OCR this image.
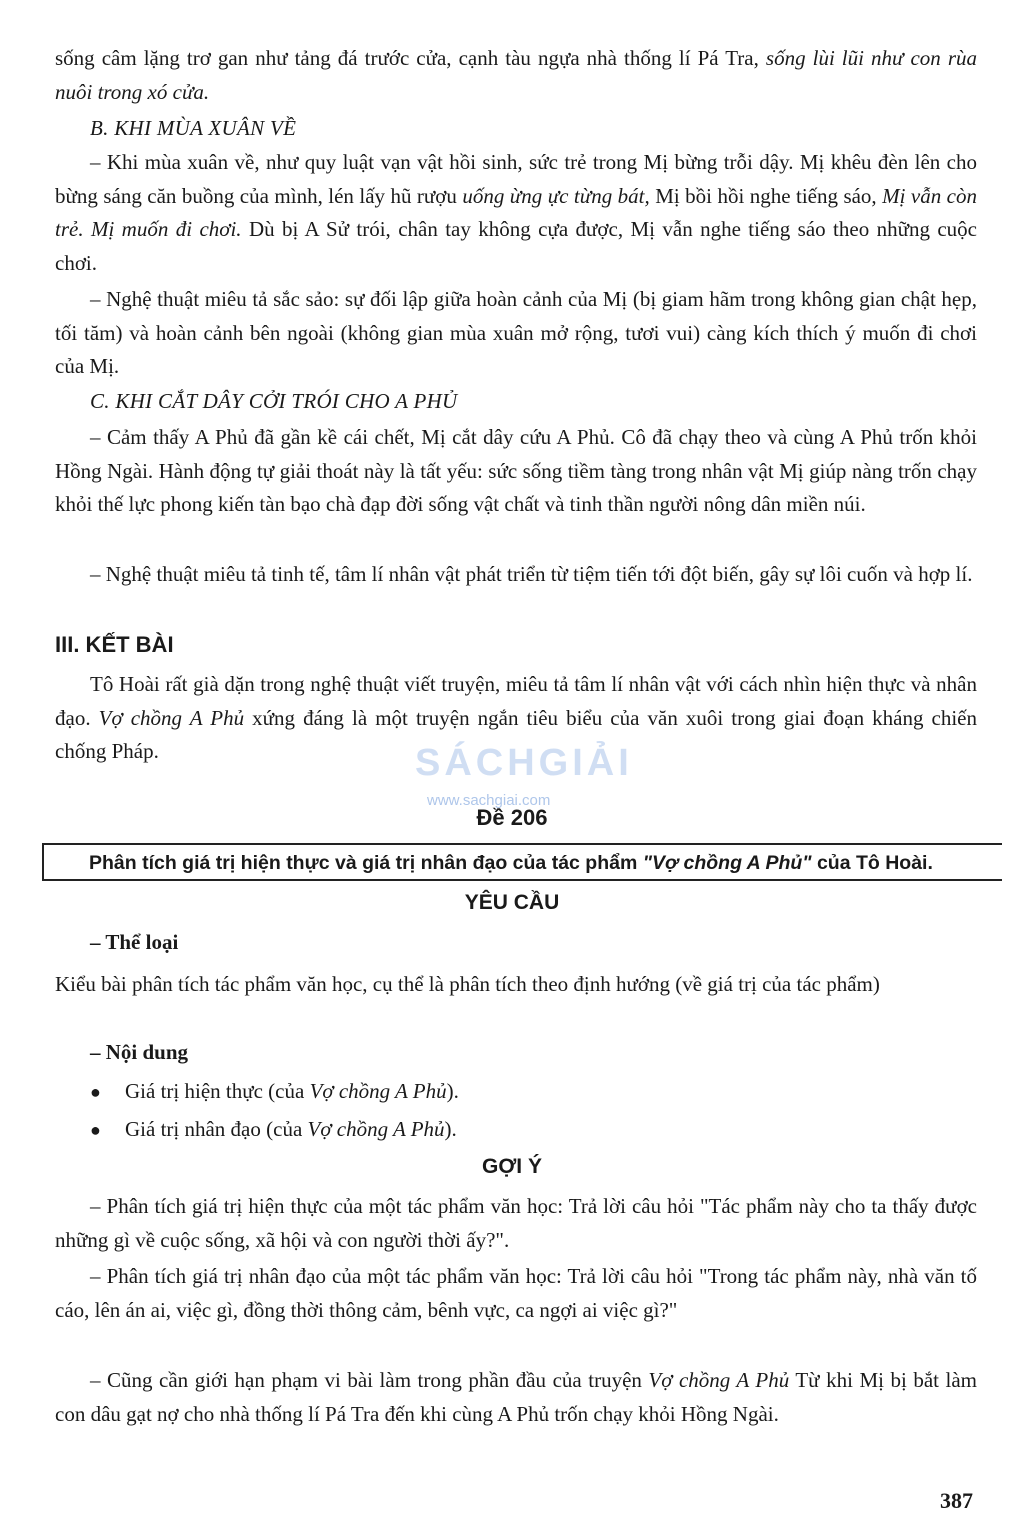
sống câm lặng trơ gan như tảng đá trước cửa, cạnh tàu ngựa nhà thống lí Pá Tra, sống lùi lũi như con rùa nuôi trong xó cửa.

B. KHI MÙA XUÂN VỀ

– Khi mùa xuân về, như quy luật vạn vật hồi sinh, sức trẻ trong Mị bừng trỗi dậy. Mị khêu đèn lên cho bừng sáng căn buồng của mình, lén lấy hũ rượu uống ừng ực từng bát, Mị bồi hồi nghe tiếng sáo, Mị vẫn còn trẻ. Mị muốn đi chơi. Dù bị A Sử trói, chân tay không cựa được, Mị vẫn nghe tiếng sáo theo những cuộc chơi.

– Nghệ thuật miêu tả sắc sảo: sự đối lập giữa hoàn cảnh của Mị (bị giam hãm trong không gian chật hẹp, tối tăm) và hoàn cảnh bên ngoài (không gian mùa xuân mở rộng, tươi vui) càng kích thích ý muốn đi chơi của Mị.

C. KHI CẮT DÂY CỞI TRÓI CHO A PHỦ

– Cảm thấy A Phủ đã gần kề cái chết, Mị cắt dây cứu A Phủ. Cô đã chạy theo và cùng A Phủ trốn khỏi Hồng Ngài. Hành động tự giải thoát này là tất yếu: sức sống tiềm tàng trong nhân vật Mị giúp nàng trốn chạy khỏi thế lực phong kiến tàn bạo chà đạp đời sống vật chất và tinh thần người nông dân miền núi.

– Nghệ thuật miêu tả tinh tế, tâm lí nhân vật phát triển từ tiệm tiến tới đột biến, gây sự lôi cuốn và hợp lí.

III. KẾT BÀI

Tô Hoài rất già dặn trong nghệ thuật viết truyện, miêu tả tâm lí nhân vật với cách nhìn hiện thực và nhân đạo. Vợ chồng A Phủ xứng đáng là một truyện ngắn tiêu biểu của văn xuôi trong giai đoạn kháng chiến chống Pháp.	SÁCHGIẢI
www.sachgiai.com

Đề 206

Phân tích giá trị hiện thực và giá trị nhân đạo của tác phẩm "Vợ chồng A Phủ" của Tô Hoài.

YÊU CẦU

– Thể loại

Kiểu bài phân tích tác phẩm văn học, cụ thể là phân tích theo định hướng (về giá trị của tác phẩm)

– Nội dung

● Giá trị hiện thực (của Vợ chồng A Phủ).

● Giá trị nhân đạo (của Vợ chồng A Phủ).

GỢI Ý

– Phân tích giá trị hiện thực của một tác phẩm văn học: Trả lời câu hỏi "Tác phẩm này cho ta thấy được những gì về cuộc sống, xã hội và con người thời ấy?".

– Phân tích giá trị nhân đạo của một tác phẩm văn học: Trả lời câu hỏi "Trong tác phẩm này, nhà văn tố cáo, lên án ai, việc gì, đồng thời thông cảm, bênh vực, ca ngợi ai việc gì?"

– Cũng cần giới hạn phạm vi bài làm trong phần đầu của truyện Vợ chồng A Phủ Từ khi Mị bị bắt làm con dâu gạt nợ cho nhà thống lí Pá Tra đến khi cùng A Phủ trốn chạy khỏi Hồng Ngài.

387
